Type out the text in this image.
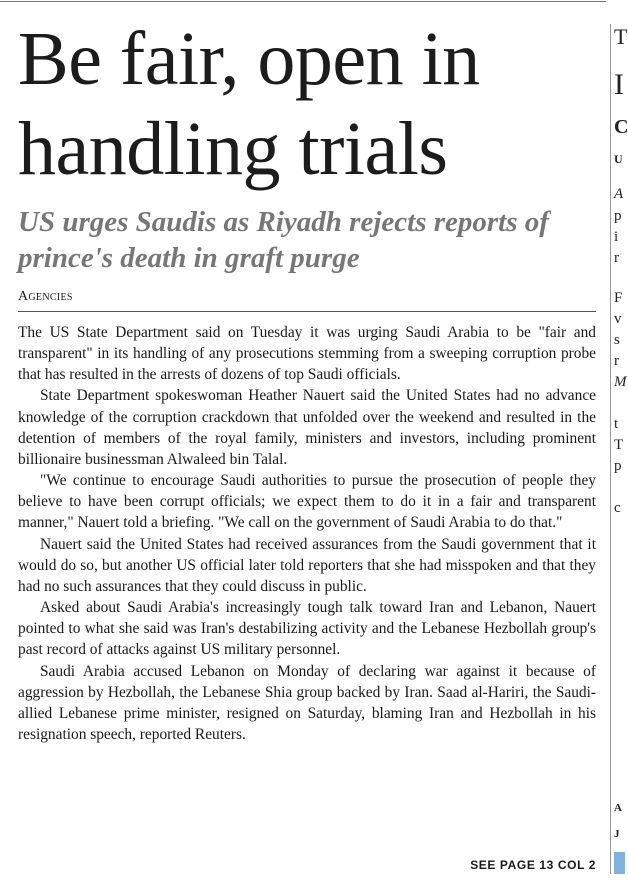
Be fair, open in handling trials
US urges Saudis as Riyadh rejects reports of prince's death in graft purge
Agencies

The US State Department said on Tuesday it was urging Saudi Arabia to be "fair and transparent" in its handling of any prosecutions stemming from a sweeping corruption probe that has resulted in the arrests of dozens of top Saudi officials.

State Department spokeswoman Heather Nauert said the United States had no advance knowledge of the corruption crackdown that unfolded over the weekend and resulted in the detention of members of the royal family, ministers and investors, including prominent billionaire businessman Alwaleed bin Talal.

"We continue to encourage Saudi authorities to pursue the prosecution of people they believe to have been corrupt officials; we expect them to do it in a fair and transparent manner," Nauert told a briefing. "We call on the government of Saudi Arabia to do that."

Nauert said the United States had received assurances from the Saudi government that it would do so, but another US official later told reporters that she had misspoken and that they had no such assurances that they could discuss in public.

Asked about Saudi Arabia's increasingly tough talk toward Iran and Lebanon, Nauert pointed to what she said was Iran's destabilizing activity and the Lebanese Hezbollah group's past record of attacks against US military personnel.

Saudi Arabia accused Lebanon on Monday of declaring war against it because of aggression by Hezbollah, the Lebanese Shia group backed by Iran. Saad al-Hariri, the Saudi-allied Lebanese prime minister, resigned on Saturday, blaming Iran and Hezbollah in his resignation speech, reported Reuters.

SEE PAGE 13 COL 2
T
I
C
U
A
p
i
r
F
v
s
r
M
t
T
p
c
A
J
